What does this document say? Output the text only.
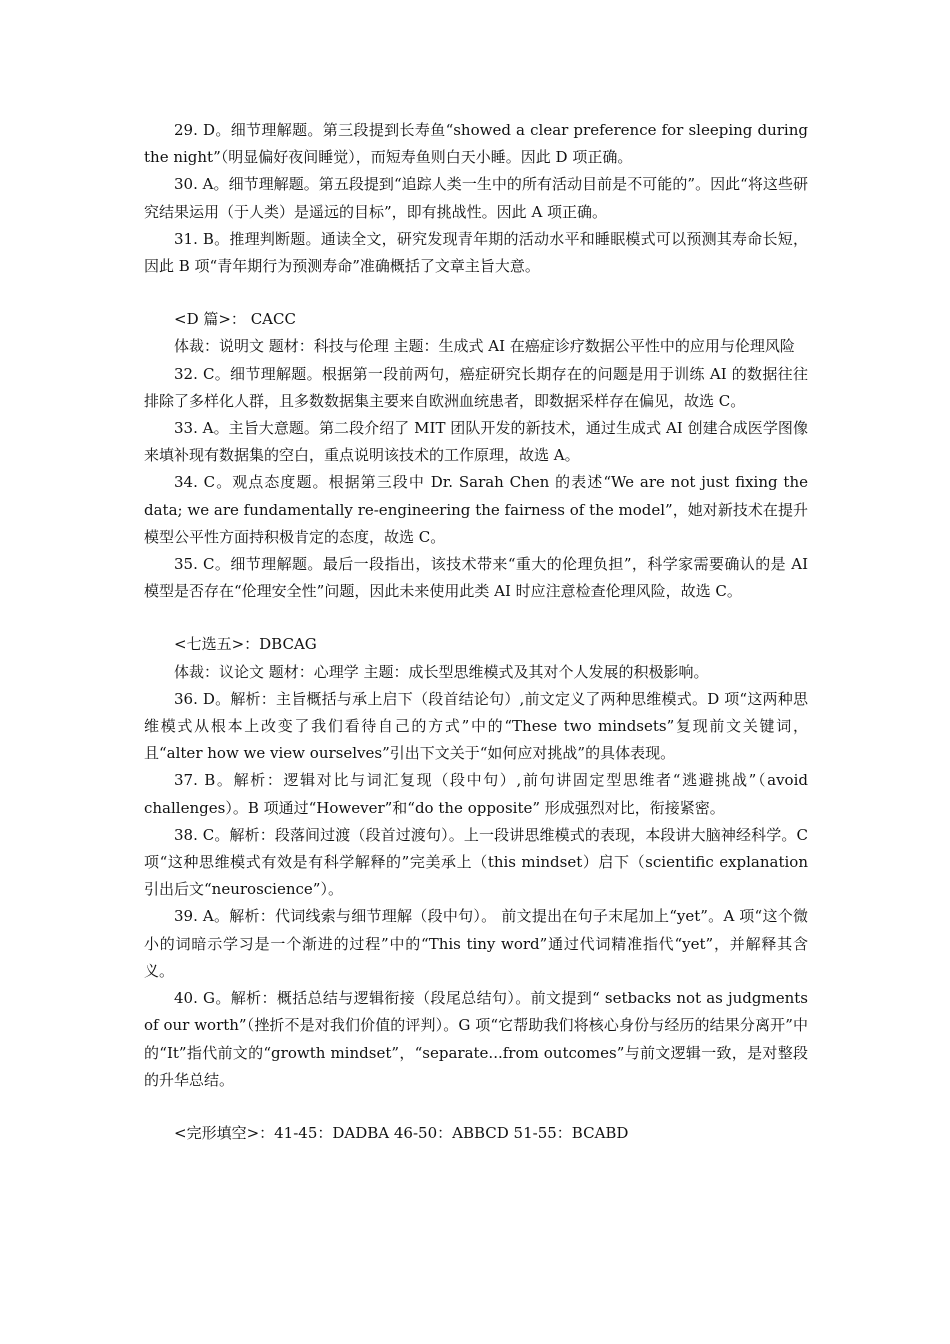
29. D。细节理解题。第三段提到长寿鱼“showed a clear preference for sleeping during the night”（明显偏好夜间睡觉），而短寿鱼则白天小睡。因此 D 项正确。

30. A。细节理解题。第五段提到“追踪人类一生中的所有活动目前是不可能的”。因此“将这些研究结果运用（于人类）是遥远的目标”，即有挑战性。因此 A 项正确。

31. B。推理判断题。通读全文，研究发现青年期的活动水平和睡眠模式可以预测其寿命长短，因此 B 项“青年期行为预测寿命”准确概括了文章主旨大意。

<D 篇>： CACC

体裁：说明文 题材：科技与伦理 主题：生成式 AI 在癌症诊疗数据公平性中的应用与伦理风险

32. C。细节理解题。根据第一段前两句，癌症研究长期存在的问题是用于训练 AI 的数据往往排除了多样化人群，且多数数据集主要来自欧洲血统患者，即数据采样存在偏见，故选 C。

33. A。主旨大意题。第二段介绍了 MIT 团队开发的新技术，通过生成式 AI 创建合成医学图像来填补现有数据集的空白，重点说明该技术的工作原理，故选 A。

34. C。观点态度题。根据第三段中 Dr. Sarah Chen 的表述“We are not just fixing the data; we are fundamentally re-engineering the fairness of the model”，她对新技术在提升模型公平性方面持积极肯定的态度，故选 C。

35. C。细节理解题。最后一段指出，该技术带来“重大的伦理负担”，科学家需要确认的是 AI 模型是否存在“伦理安全性”问题，因此未来使用此类 AI 时应注意检查伦理风险，故选 C。

<七选五>：DBCAG

体裁：议论文 题材：心理学 主题：成长型思维模式及其对个人发展的积极影响。

36. D。解析：主旨概括与承上启下（段首结论句）,前文定义了两种思维模式。D 项“这两种思维模式从根本上改变了我们看待自己的方式”中的“These two mindsets”复现前文关键词，且“alter how we view ourselves”引出下文关于“如何应对挑战”的具体表现。

37. B。解析：逻辑对比与词汇复现（段中句）,前句讲固定型思维者“逃避挑战”（avoid challenges）。B 项通过“However”和“do the opposite” 形成强烈对比，衔接紧密。

38. C。解析：段落间过渡（段首过渡句）。上一段讲思维模式的表现，本段讲大脑神经科学。C 项“这种思维模式有效是有科学解释的”完美承上（this mindset）启下（scientific explanation 引出后文“neuroscience”）。

39. A。解析：代词线索与细节理解（段中句）。 前文提出在句子末尾加上“yet”。A 项“这个微小的词暗示学习是一个渐进的过程”中的“This tiny word”通过代词精准指代“yet”，并解释其含义。

40. G。解析：概括总结与逻辑衔接（段尾总结句）。前文提到“ setbacks not as judgments of our worth”（挫折不是对我们价值的评判）。G 项“它帮助我们将核心身份与经历的结果分离开”中的“It”指代前文的“growth mindset”，“separate...from outcomes”与前文逻辑一致，是对整段的升华总结。

<完形填空>：41-45：DADBA 46-50：ABBCD 51-55：BCABD
